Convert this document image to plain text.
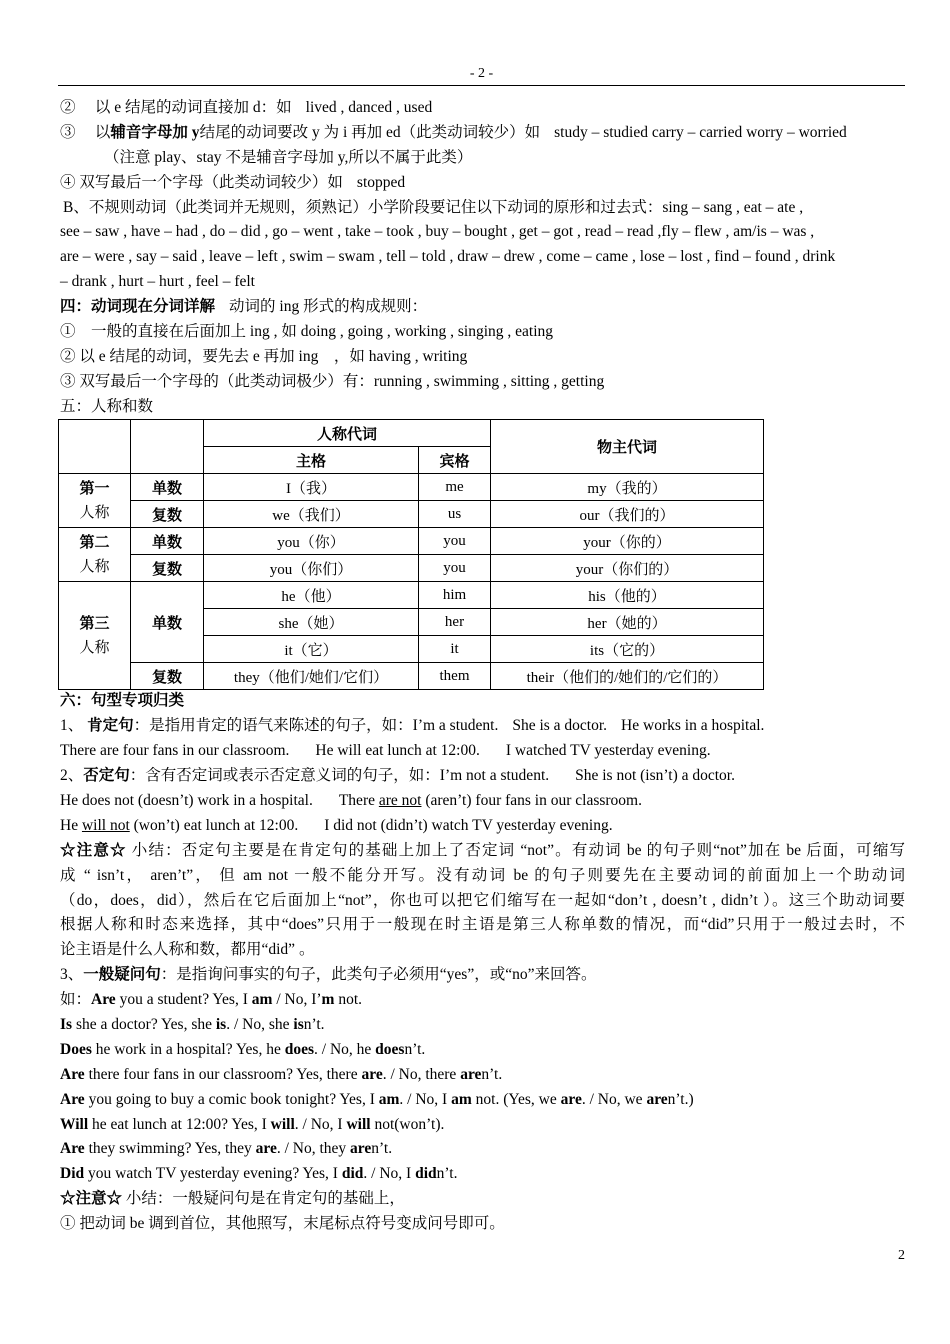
- 2 -
②　 以 e 结尾的动词直接加 d：如 lived , danced , used
③　 以辅音字母加 y结尾的动词要改 y 为 i 再加 ed（此类动词较少）如 study – studied carry – carried worry – worried
（注意 play、stay 不是辅音字母加 y,所以不属于此类）
④ 双写最后一个字母（此类动词较少）如 stopped
B、不规则动词（此类词并无规则，须熟记）小学阶段要记住以下动词的原形和过去式：sing – sang , eat – ate ,
see – saw , have – had , do – did , go – went , take – took , buy – bought , get – got , read – read ,fly – flew , am/is – was ,
are – were , say – said , leave – left , swim – swam , tell – told , draw – drew , come – came , lose – lost , find – found , drink
– drank , hurt – hurt , feel – felt
四：动词现在分词详解 动词的 ing 形式的构成规则：
①　 一般的直接在后面加上 ing , 如 doing , going , working , singing , eating
② 以 e 结尾的动词，要先去 e 再加 ing　，如 having , writing
③ 双写最后一个字母的（此类动词极少）有：running , swimming , sitting , getting
五：人称和数
		人称代词		物主代词
		主格	宾格	

第一
人称	单数	I（我）	me	my（我的）
	复数	we（我们）	us	our（我们的）

第二
人称	单数	you（你）	you	your（你的）
	复数	you（你们）	you	your（你们的）

第三
人称	单数	he（他）	him	his（他的）
		she（她）	her	her（她的）
		it（它）	it	its（它的）
	复数	they（他们/她们/它们）	them	their（他们的/她们的/它们的）
六：句型专项归类
1、 肯定句：是指用肯定的语气来陈述的句子，如：I’m a student. She is a doctor. He works in a hospital.
There are four fans in our classroom. He will eat lunch at 12:00. I watched TV yesterday evening.
2、否定句：含有否定词或表示否定意义词的句子，如：I’m not a student. She is not (isn’t) a doctor.
He does not (doesn’t) work in a hospital. There are not (aren’t) four fans in our classroom.
He will not (won’t) eat lunch at 12:00. I did not (didn’t) watch TV yesterday evening.
☆注意☆ 小结：否定句主要是在肯定句的基础上加上了否定词 “not”。有动词 be 的句子则“not”加在 be 后面，可缩写
成 “ isn’t， aren’t”， 但 am not 一般不能分开写。没有动词 be 的句子则要先在主要动词的前面加上一个助动词
（do，does，did），然后在它后面加上“not”，你也可以把它们缩写在一起如“don’t , doesn’t , didn’t ）。这三个助动词要
根据人称和时态来选择，其中“does”只用于一般现在时主语是第三人称单数的情况，而“did”只用于一般过去时，不
论主语是什么人称和数，都用“did” 。
3、一般疑问句：是指询问事实的句子，此类句子必须用“yes”，或“no”来回答。
如：Are you a student? Yes, I am / No, I’m not.
Is she a doctor? Yes, she is. / No, she isn’t.
Does he work in a hospital? Yes, he does. / No, he doesn’t.
Are there four fans in our classroom? Yes, there are. / No, there aren’t.
Are you going to buy a comic book tonight? Yes, I am. / No, I am not. (Yes, we are. / No, we aren’t.)
Will he eat lunch at 12:00? Yes, I will. / No, I will not(won’t).
Are they swimming? Yes, they are. / No, they aren’t.
Did you watch TV yesterday evening? Yes, I did. / No, I didn’t.
☆注意☆ 小结：一般疑问句是在肯定句的基础上，
① 把动词 be 调到首位，其他照写，末尾标点符号变成问号即可。
2
